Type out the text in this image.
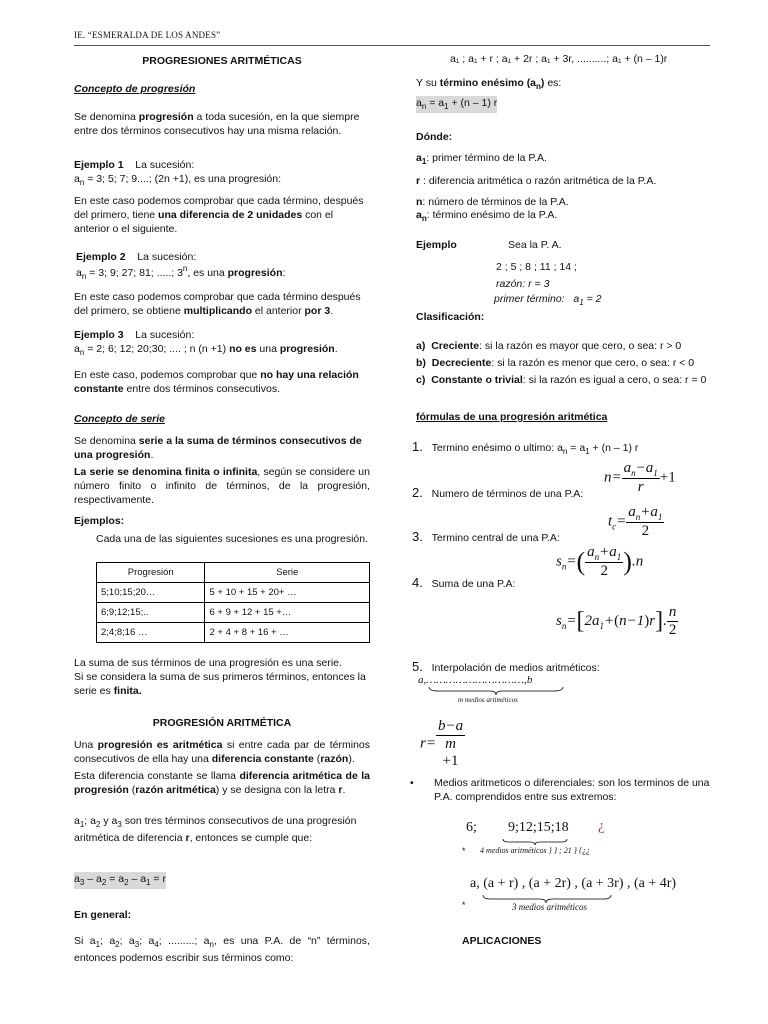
IE. “ESMERALDA DE LOS ANDES”
PROGRESIONES ARITMÉTICAS
Concepto de progresión
Se denomina progresión a toda sucesión, en la que siempre entre dos términos consecutivos hay una misma relación.
Ejemplo 1 La sucesión:
$a_n = 3$; 5; 7; 9....; (2n +1), es una progresión:
En este caso podemos comprobar que cada término, después del primero, tiene una diferencia de 2 unidades con el anterior o el siguiente.
Ejemplo 2 La sucesión:
$a_n = 3$; 9; 27; 81; .....; 3$^n$, es una progresión:
En este caso podemos comprobar que cada término después del primero, se obtiene multiplicando el anterior por 3.
Ejemplo 3 La sucesión:
$a_n = 2$; 6; 12; 20;30; .... ; n (n +1) no es una progresión.
En este caso, podemos comprobar que no hay una relación constante entre dos términos consecutivos.
Concepto de serie
Se denomina serie a la suma de términos consecutivos de una progresión.
La serie se denomina finita o infinita, según se considere un número finito o infinito de términos, de la progresión, respectivamente.
Ejemplos:
Cada una de las siguientes sucesiones es una progresión.
Progresión	Serie
5;10;15;20…	5 + 10 + 15 + 20+ …
6;9;12;15;..	6 + 9 + 12 + 15 +…
2;4;8;16 …	2 + 4 + 8 + 16 + …
La suma de sus términos de una progresión es una serie.
Si se considera la suma de sus primeros términos, entonces la serie es finita.
PROGRESIÓN ARITMÉTICA
Una progresión es aritmética si entre cada par de términos consecutivos de ella hay una diferencia constante (razón).
Esta diferencia constante se llama diferencia aritmética de la progresión (razón aritmética) y se designa con la letra r.
$a_1$; $a_2$ y $a_3$ son tres términos consecutivos de una progresión aritmética de diferencia r, entonces se cumple que:
$a_3 - a_2 = a_2 - a_1 = r$
En general:
Si $a_1$; $a_2$; $a_3$; $a_4$; .........; $a_n$, es una P.A. de “n” términos, entonces podemos escribir sus términos como:
a₁ ; a₁ + r ; a₁ + 2r ; a₁ + 3r, ..........; a₁ + (n – 1)r
Y su término enésimo $(a_n)$ es:
$a_n = a_1 + (n - 1)$ r
Dónde:
$a_1$: primer término de la P.A.
r : diferencia aritmética o razón aritmética de la P.A.
n: número de términos de la P.A.
$a_n$: término enésimo de la P.A.
Ejemplo	Sea la P. A.
2 ; 5 ; 8 ; 11 ; 14 ;
razón: r = 3
primer término:   $a_1 = 2$
Clasificación:
a) Creciente: si la razón es mayor que cero, o sea: r > 0
b) Decreciente: si la razón es menor que cero, o sea: r < 0
c) Constante o trivial: si la razón es igual a cero, o sea: r = 0
fórmulas de una progresión aritmética
1. Termino enésimo o ultimo: $a_n = a_1 + (n - 1)$ r
2. Numero de términos de una P.A:
$n= \frac{a_n-a_1}{r} +1$
3. Termino central de una P.A:
$t_c= \frac{a_n+a_1}{2}$
4. Suma de una P.A:
$s_n=( \frac{a_n+a_1}{2} ).n$
$s_n=[2a_1+(n-1)r]$. $\frac{n}{2}$
5. Interpolación de medios aritméticos:
a,…………………………,b
m medios aritméticos
r= b−a
m
+1
•	Medios aritmeticos o diferenciales: son los terminos de una P.A. comprendidos entre sus extremos:
6; 9;12;15;18 ¿
* 4 medios aritméticos } } ; 21 } {¿¿
a, (a + r) , (a + 2r) , (a + 3r) , (a + 4r)
*	3 medios aritméticos
APLICACIONES
